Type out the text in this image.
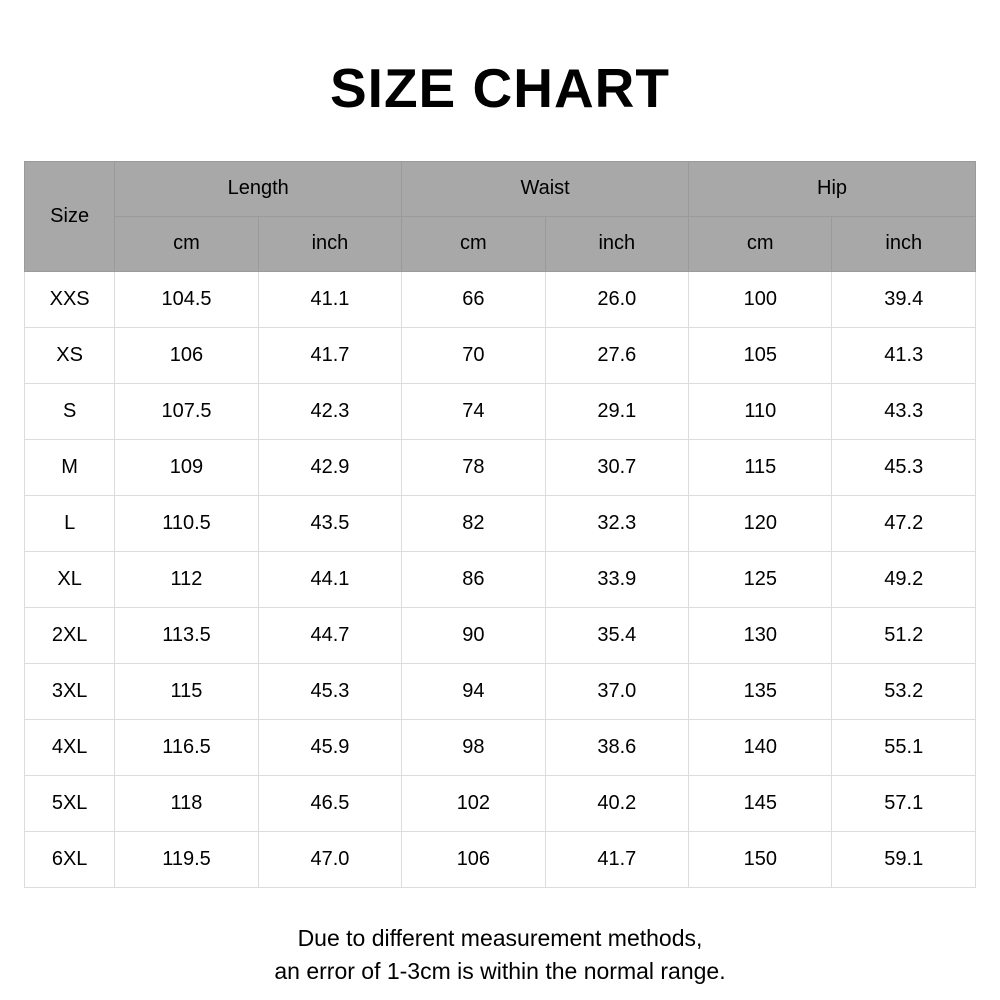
SIZE CHART
Size	Length		Waist		Hip	
	cm	inch	cm	inch	cm	inch
XXS	104.5	41.1	66	26.0	100	39.4
XS	106	41.7	70	27.6	105	41.3
S	107.5	42.3	74	29.1	110	43.3
M	109	42.9	78	30.7	115	45.3
L	110.5	43.5	82	32.3	120	47.2
XL	112	44.1	86	33.9	125	49.2
2XL	113.5	44.7	90	35.4	130	51.2
3XL	115	45.3	94	37.0	135	53.2
4XL	116.5	45.9	98	38.6	140	55.1
5XL	118	46.5	102	40.2	145	57.1
6XL	119.5	47.0	106	41.7	150	59.1
Due to different measurement methods,
an error of 1-3cm is within the normal range.
